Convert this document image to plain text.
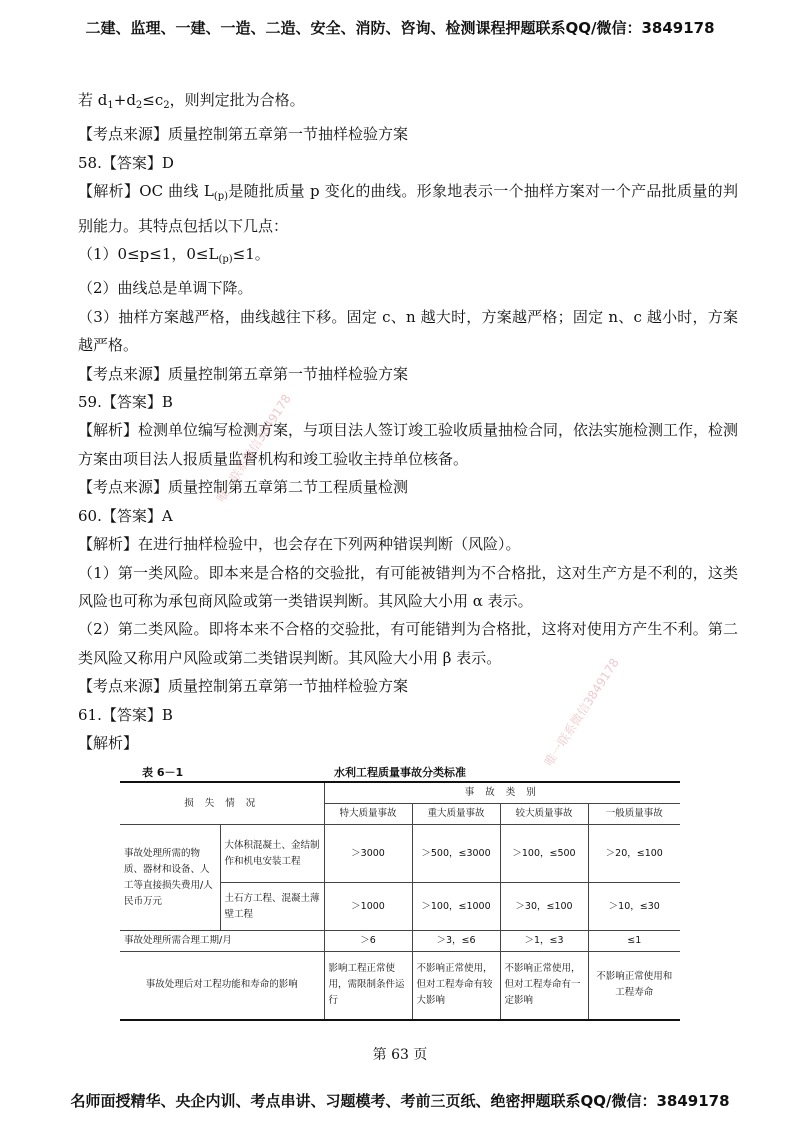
二建、监理、一建、一造、二造、安全、消防、咨询、检测课程押题联系QQ/微信：3849178

若 $d_1+d_2\le c_2$，则判定批为合格。

【考点来源】质量控制第五章第一节抽样检验方案

58.【答案】D

【解析】OC 曲线 $L_{(p)}$是随批质量 p 变化的曲线。形象地表示一个抽样方案对一个产品批质量的判别能力。其特点包括以下几点：

（1）0≤p≤1，$0\le L_{(p)}\le 1$。

（2）曲线总是单调下降。

（3）抽样方案越严格，曲线越往下移。固定 c、n 越大时，方案越严格；固定 n、c 越小时，方案越严格。

【考点来源】质量控制第五章第一节抽样检验方案

59.【答案】B

【解析】检测单位编写检测方案，与项目法人签订竣工验收质量抽检合同，依法实施检测工作，检测方案由项目法人报质量监督机构和竣工验收主持单位核备。

【考点来源】质量控制第五章第二节工程质量检测

60.【答案】A

【解析】在进行抽样检验中，也会存在下列两种错误判断（风险）。

（1）第一类风险。即本来是合格的交验批，有可能被错判为不合格批，这对生产方是不利的，这类风险也可称为承包商风险或第一类错误判断。其风险大小用 α 表示。

（2）第二类风险。即将本来不合格的交验批，有可能错判为合格批，这将对使用方产生不利。第二类风险又称用户风险或第二类错误判断。其风险大小用 β 表示。

【考点来源】质量控制第五章第一节抽样检验方案

61.【答案】B

【解析】

唯一联系微信3849178
唯一联系微信3849178
表 6－1	水利工程质量事故分类标准
损 失 情 况		事 故 类 别			
		特大质量事故	重大质量事故	较大质量事故	一般质量事故
事故处理所需的物质、器材和设备、人工等直接损失费用/人民币万元	大体积混凝土、金结制作和机电安装工程	＞3000	＞500，≤3000	＞100，≤500	＞20，≤100
	土石方工程、混凝土薄壁工程	＞1000	＞100，≤1000	＞30，≤100	＞10，≤30
事故处理所需合理工期/月		＞6	＞3，≤6	＞1，≤3	≤1
事故处理后对工程功能和寿命的影响		影响工程正常使用，需限制条件运行	不影响正常使用，但对工程寿命有较大影响	不影响正常使用，但对工程寿命有一定影响	不影响正常使用和工程寿命
第 63 页
名师面授精华、央企内训、考点串讲、习题模考、考前三页纸、绝密押题联系QQ/微信：3849178
